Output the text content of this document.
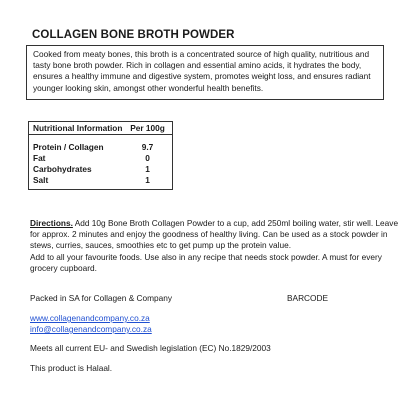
COLLAGEN BONE BROTH POWDER
Cooked from meaty bones, this broth is a concentrated source of high quality, nutritious and tasty bone broth powder. Rich in collagen and essential amino acids, it hydrates the body, ensures a healthy immune and digestive system, promotes weight loss, and ensures radiant younger looking skin, amongst other wonderful health benefits.
Nutritional Information Per 100g
Protein / Collagen	9.7
Fat	0
Carbohydrates	1
Salt	1
Directions. Add 10g Bone Broth Collagen Powder to a cup, add 250ml boiling water, stir well. Leave for approx. 2 minutes and enjoy the goodness of healthy living. Can be used as a stock powder in stews, curries, sauces, smoothies etc to get pump up the protein value.
Add to all your favourite foods. Use also in any recipe that needs stock powder. A must for every grocery cupboard.
Packed in SA for Collagen & Company	BARCODE
www.collagenandcompany.co.za
info@collagenandcompany.co.za
Meets all current EU- and Swedish legislation (EC) No.1829/2003
This product is Halaal.
